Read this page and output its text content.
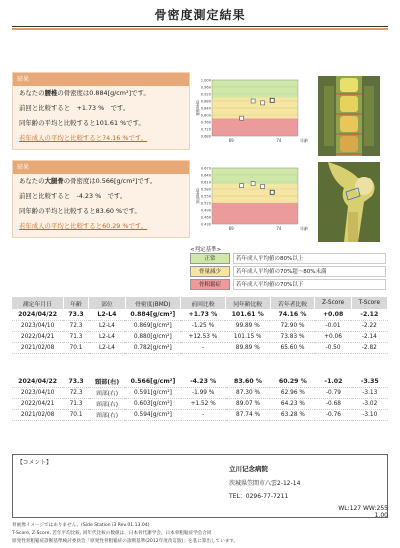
骨密度測定結果
結果
あなたの腰椎の骨密度は0.884[g/cm²]です。
前回と比較すると　+1.73 %　です。
同年齢の平均と比較すると101.61 %です。
若年成人の平均と比較すると74.16 %です。
1.000
0.960
0.920
0.880
0.840
0.800
0.760
0.720
0.680
腰椎BMD
69	74	年齢
結果
あなたの大腿骨の骨密度は0.566[g/cm²]です。
前回と比較すると　-4.23 %　です。
同年齢の平均と比較すると83.60 %です。
若年成人の平均と比較すると60.29 %です。
0.670
0.640
0.610
0.580
0.550
0.520
0.490
0.460
0.430
頸部BMD
69	74	年齢
<判定基準>
正常	若年成人平均値の80%以上
骨量減少	若年成人平均値の70%超～80%未満
骨粗鬆症	若年成人平均値の70%以下
測定年月日	年齢	部位	骨密度(BMD)	前回比較	同年齢比較	若年者比較	Z-Score	T-Score
2024/04/22	73.3	L2-L4	0.884[g/cm²]	+1.73 %	101.61 %	74.16 %	+0.08	-2.12
2023/04/10	72.3	L2-L4	0.869[g/cm²]	-1.25 %	99.89 %	72.90 %	-0.01	-2.22
2022/04/21	71.3	L2-L4	0.880[g/cm²]	+12.53 %	101.15 %	73.83 %	+0.06	-2.14
2021/02/08	70.1	L2-L4	0.782[g/cm²]	-	89.89 %	65.60 %	-0.50	-2.82
2024/04/22	73.3	頸部(右)	0.566[g/cm²]	-4.23 %	83.60 %	60.29 %	-1.02	-3.35
2023/04/10	72.3	頸部(右)	0.591[g/cm²]	-1.99 %	87.30 %	62.96 %	-0.79	-3.13
2022/04/21	71.3	頸部(右)	0.603[g/cm²]	+1.52 %	89.07 %	64.23 %	-0.68	-3.02
2021/02/08	70.1	頸部(右)	0.594[g/cm²]	-	87.74 %	63.28 %	-0.76	-3.10
【コメント】
立川记念病院
茨城県笠間市八雲2-12-14
TEL：0296-77-7211
WL:127 WW:255
1.00
骨画像イメージではありません。(Side Station i3 Rev.01.13.04)
T-Score, Z-Score, 若年平均比較, 同年代比較の数値は、日本骨代謝学会、日本骨粗鬆症学会合同
原発性骨粗鬆症診断基準検討委員会「原発性骨粗鬆症の診断基準(2012年度改訂版)」を基に算出しています。
